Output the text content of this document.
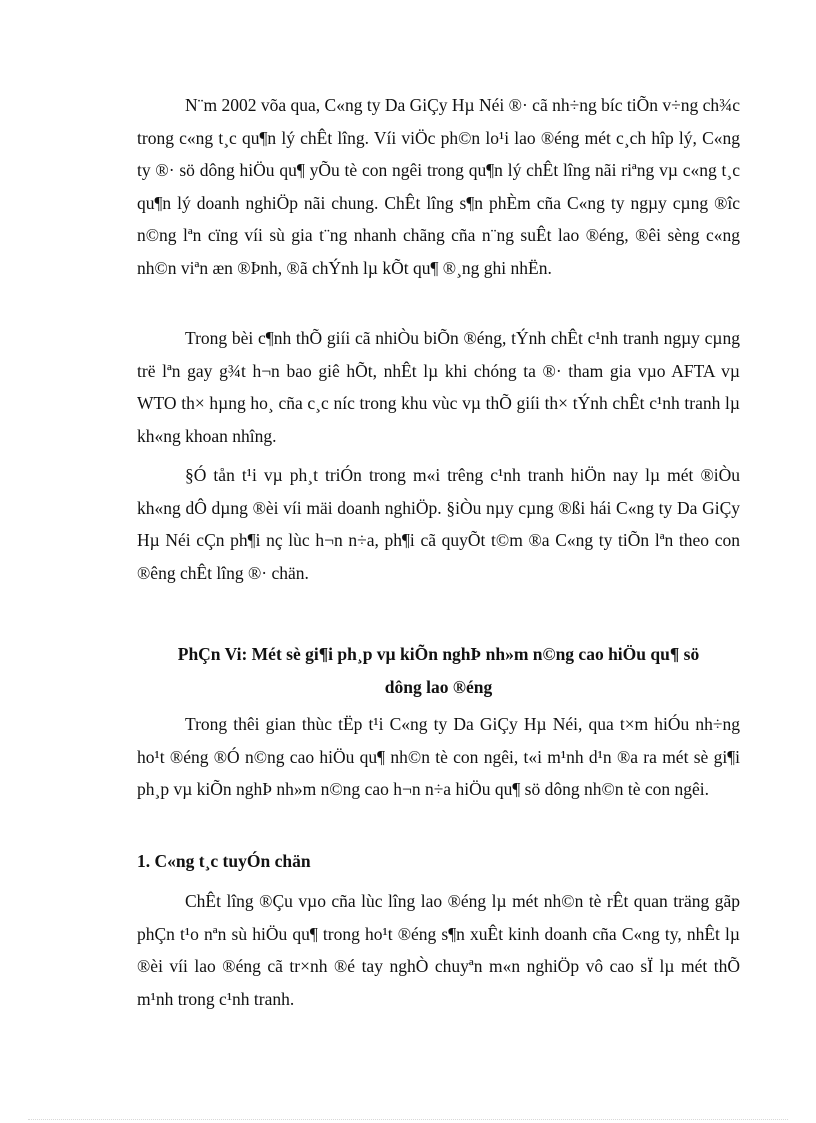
N¨m 2002 võa qua, C«ng ty Da GiÇy Hµ Néi ®· cã nh÷ng bíc tiÕn v÷ng ch¾c trong c«ng t¸c qu¶n lý chÊt lîng. Víi viÖc ph©n lo¹i lao ®éng mét c¸ch hîp lý, C«ng ty ®· sö dông hiÖu qu¶ yÕu tè con ngêi trong qu¶n lý chÊt lîng nãi riªng vµ c«ng t¸c qu¶n lý doanh nghiÖp nãi chung. ChÊt lîng s¶n phÈm cña C«ng ty ngµy cµng ®îc n©ng lªn cïng víi sù gia t¨ng nhanh chãng cña n¨ng suÊt lao ®éng, ®êi sèng c«ng nh©n viªn æn ®Þnh, ®ã chÝnh lµ kÕt qu¶ ®¸ng ghi nhËn.

Trong bèi c¶nh thÕ giíi cã nhiÒu biÕn ®éng, tÝnh chÊt c¹nh tranh ngµy cµng trë lªn gay g¾t h¬n bao giê hÕt, nhÊt lµ khi chóng ta ®· tham gia vµo AFTA vµ WTO th× hµng ho¸ cña c¸c níc trong khu vùc vµ thÕ giíi th× tÝnh chÊt c¹nh tranh lµ kh«ng khoan nhîng.

§Ó tån t¹i vµ ph¸t triÓn trong m«i trêng c¹nh tranh hiÖn nay lµ mét ®iÒu kh«ng dÔ dµng ®èi víi mäi doanh nghiÖp. §iÒu nµy cµng ®ßi hái C«ng ty Da GiÇy Hµ Néi cÇn ph¶i nç lùc h¬n n÷a, ph¶i cã quyÕt t©m ®a C«ng ty tiÕn lªn theo con ®êng chÊt lîng ®· chän.

PhÇn Vi: Mét sè gi¶i ph¸p vµ kiÕn nghÞ nh»m n©ng cao hiÖu qu¶ sö
dông lao ®éng

Trong thêi gian thùc tËp t¹i C«ng ty Da GiÇy Hµ Néi, qua t×m hiÓu nh÷ng ho¹t ®éng ®Ó n©ng cao hiÖu qu¶ nh©n tè con ngêi, t«i m¹nh d¹n ®a ra mét sè gi¶i ph¸p vµ kiÕn nghÞ nh»m n©ng cao h¬n n÷a hiÖu qu¶ sö dông nh©n tè con ngêi.

1. C«ng t¸c tuyÓn chän

ChÊt lîng ®Çu vµo cña lùc lîng lao ®éng lµ mét nh©n tè rÊt quan träng gãp phÇn t¹o nªn sù hiÖu qu¶ trong ho¹t ®éng s¶n xuÊt kinh doanh cña C«ng ty, nhÊt lµ ®èi víi lao ®éng cã tr×nh ®é tay nghÒ chuyªn m«n nghiÖp vô cao sÏ lµ mét thÕ m¹nh trong c¹nh tranh.
